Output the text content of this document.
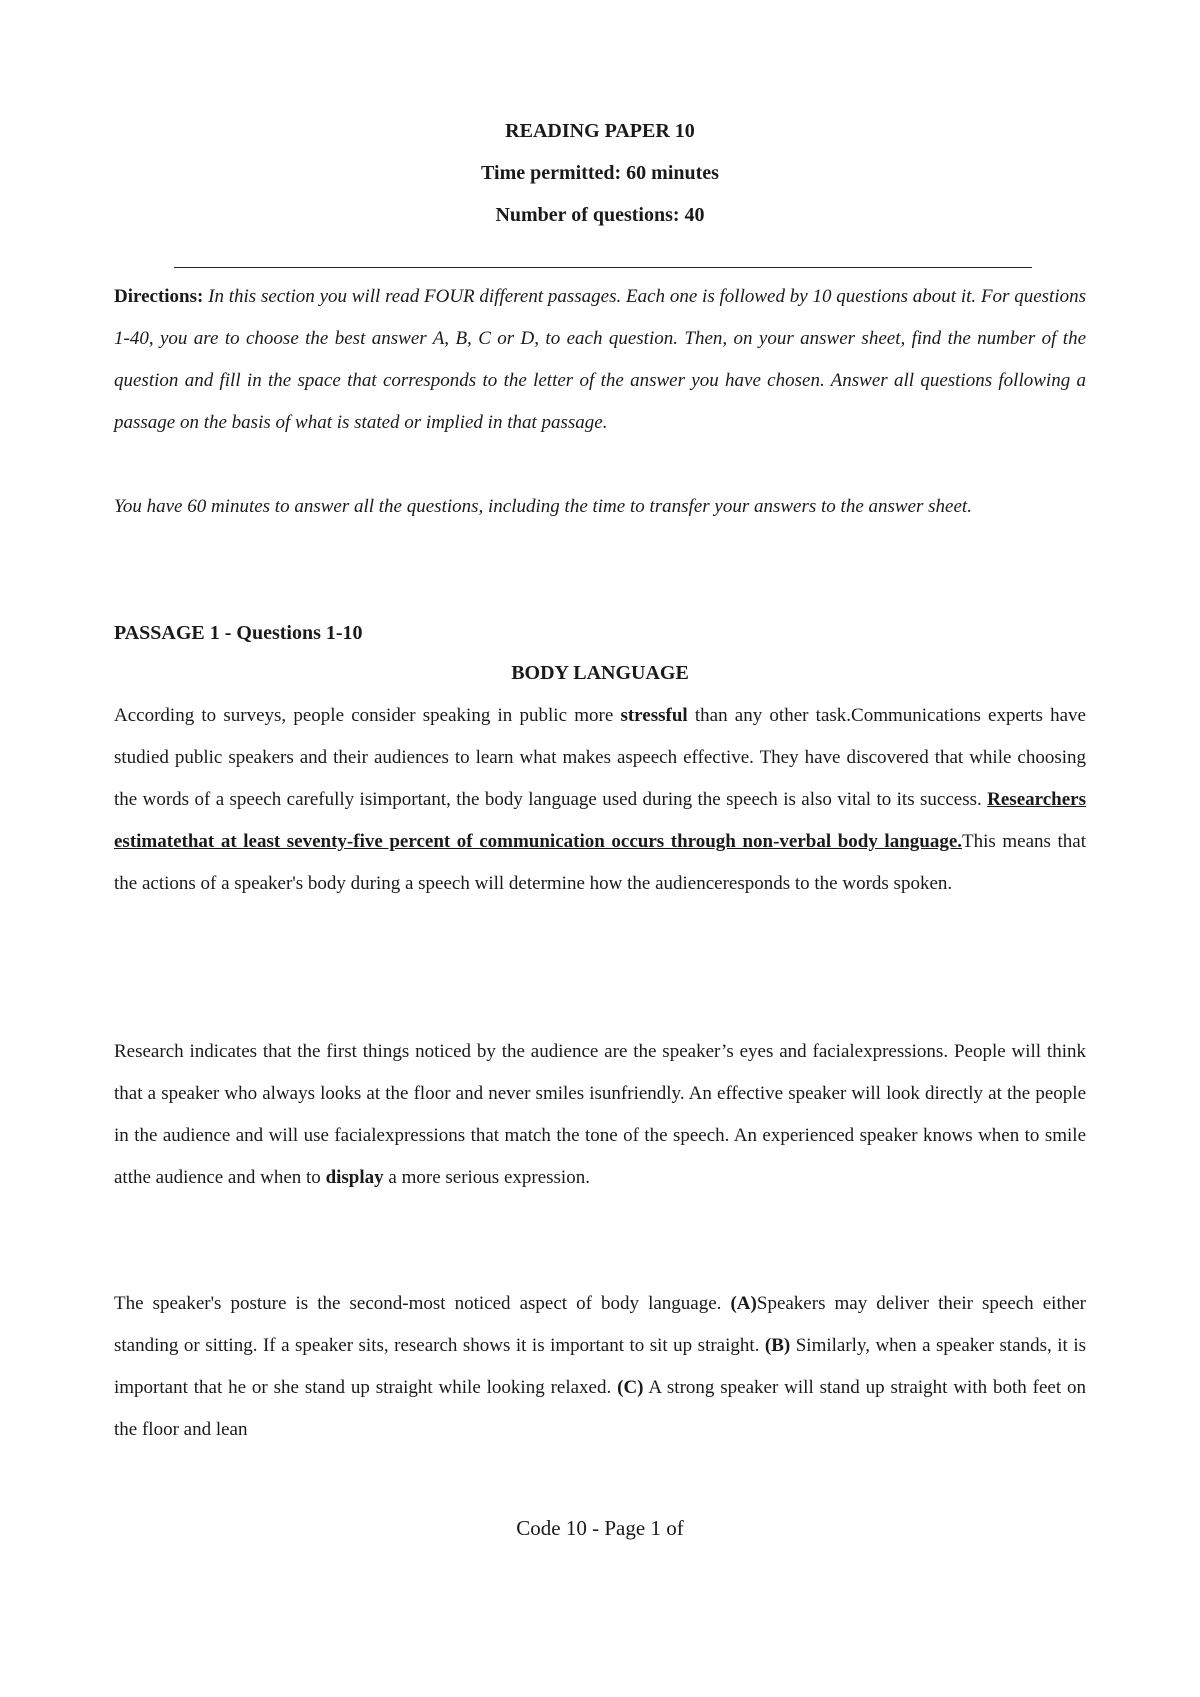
READING PAPER 10

Time permitted: 60 minutes

Number of questions: 40

Directions: In this section you will read FOUR different passages. Each one is followed by 10 questions about it. For questions 1-40, you are to choose the best answer A, B, C or D, to each question. Then, on your answer sheet, find the number of the question and fill in the space that corresponds to the letter of the answer you have chosen. Answer all questions following a passage on the basis of what is stated or implied in that passage.

You have 60 minutes to answer all the questions, including the time to transfer your answers to the answer sheet.

PASSAGE 1 - Questions 1-10

BODY LANGUAGE

According to surveys, people consider speaking in public more stressful than any other task.Communications experts have studied public speakers and their audiences to learn what makes aspeech effective. They have discovered that while choosing the words of a speech carefully isimportant, the body language used during the speech is also vital to its success. Researchers estimatethat at least seventy-five percent of communication occurs through non-verbal body language.This means that the actions of a speaker's body during a speech will determine how the audienceresponds to the words spoken.

Research indicates that the first things noticed by the audience are the speaker’s eyes and facialexpressions. People will think that a speaker who always looks at the floor and never smiles isunfriendly. An effective speaker will look directly at the people in the audience and will use facialexpressions that match the tone of the speech. An experienced speaker knows when to smile atthe audience and when to display a more serious expression.

The speaker's posture is the second-most noticed aspect of body language. (A)Speakers may deliver their speech either standing or sitting. If a speaker sits, research shows it is important to sit up straight. (B) Similarly, when a speaker stands, it is important that he or she stand up straight while looking relaxed. (C) A strong speaker will stand up straight with both feet on the floor and lean

Code 10 - Page 1 of
